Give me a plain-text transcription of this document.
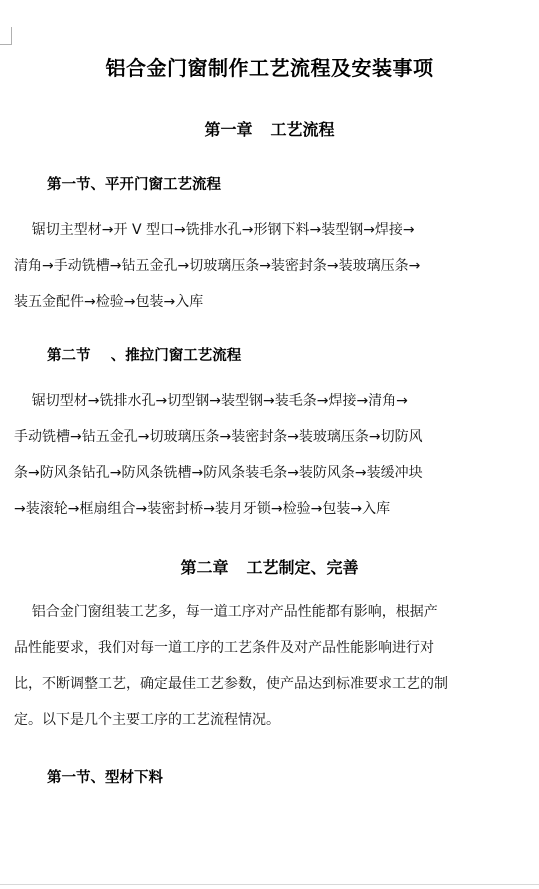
铝合金门窗制作工艺流程及安装事项
第一章 工艺流程
第一节、平开门窗工艺流程
锯切主型材→开 V 型口→铣排水孔→形钢下料→装型钢→焊接→
清角→手动铣槽→钻五金孔→切玻璃压条→装密封条→装玻璃压条→
装五金配件→检验→包装→入库
第二节    、推拉门窗工艺流程
锯切型材→铣排水孔→切型钢→装型钢→装毛条→焊接→清角→
手动铣槽→钻五金孔→切玻璃压条→装密封条→装玻璃压条→切防风
条→防风条钻孔→防风条铣槽→防风条装毛条→装防风条→装缓冲块
→装滚轮→框扇组合→装密封桥→装月牙锁→检验→包装→入库
第二章 工艺制定、完善
铝合金门窗组装工艺多，每一道工序对产品性能都有影响，根据产
品性能要求，我们对每一道工序的工艺条件及对产品性能影响进行对
比，不断调整工艺，确定最佳工艺参数，使产品达到标准要求工艺的制
定。以下是几个主要工序的工艺流程情况。
第一节、型材下料
